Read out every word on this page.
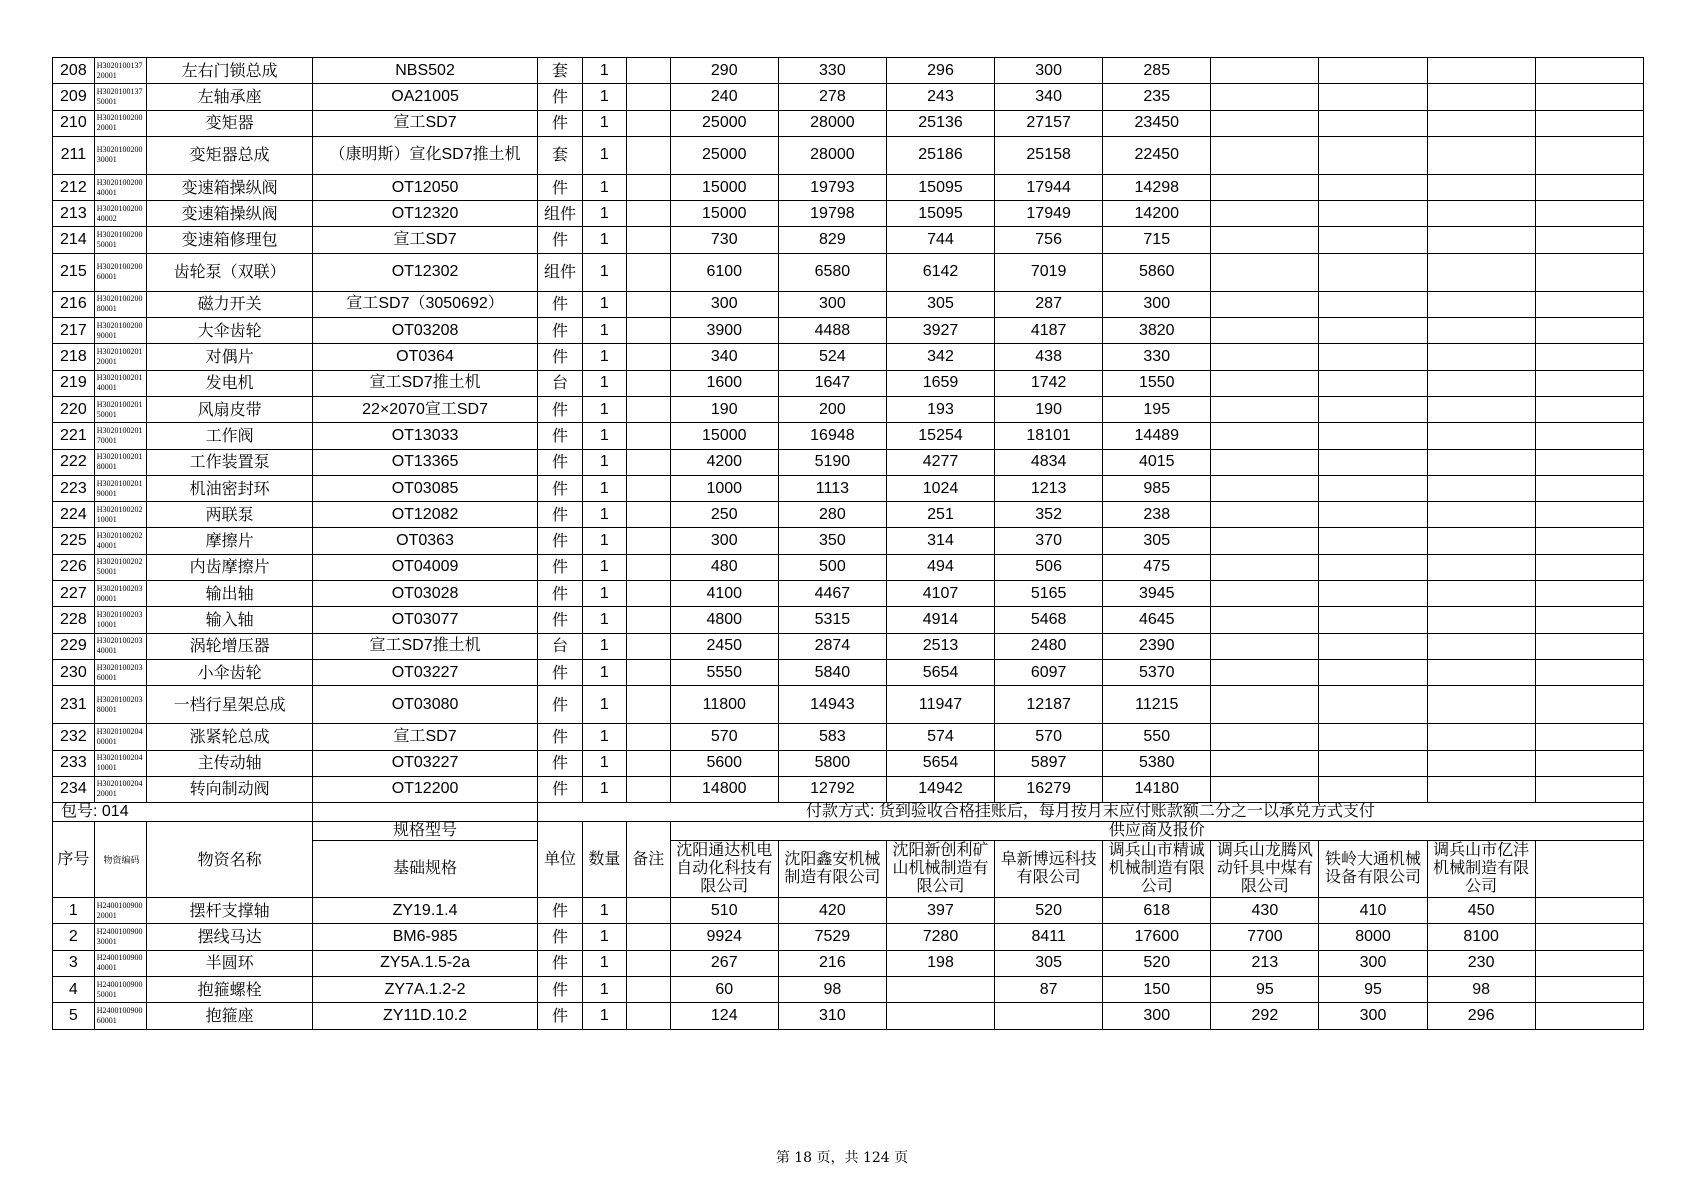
208	H302010013720001	左右门锁总成	NBS502	套	1		290	330	296	300	285				
209	H302010013750001	左轴承座	OA21005	件	1		240	278	243	340	235				
210	H302010020020001	变矩器	宣工SD7	件	1		25000	28000	25136	27157	23450				
211	H302010020030001	变矩器总成	（康明斯）宣化SD7推土机	套	1		25000	28000	25186	25158	22450				
212	H302010020040001	变速箱操纵阀	OT12050	件	1		15000	19793	15095	17944	14298				
213	H302010020040002	变速箱操纵阀	OT12320	组件	1		15000	19798	15095	17949	14200				
214	H302010020050001	变速箱修理包	宣工SD7	件	1		730	829	744	756	715				
215	H302010020060001	齿轮泵（双联）	OT12302	组件	1		6100	6580	6142	7019	5860				
216	H302010020080001	磁力开关	宣工SD7（3050692）	件	1		300	300	305	287	300				
217	H302010020090001	大伞齿轮	OT03208	件	1		3900	4488	3927	4187	3820				
218	H302010020120001	对偶片	OT0364	件	1		340	524	342	438	330				
219	H302010020140001	发电机	宣工SD7推土机	台	1		1600	1647	1659	1742	1550				
220	H302010020150001	风扇皮带	22×2070宣工SD7	件	1		190	200	193	190	195				
221	H302010020170001	工作阀	OT13033	件	1		15000	16948	15254	18101	14489				
222	H302010020180001	工作装置泵	OT13365	件	1		4200	5190	4277	4834	4015				
223	H302010020190001	机油密封环	OT03085	件	1		1000	1113	1024	1213	985				
224	H302010020210001	两联泵	OT12082	件	1		250	280	251	352	238				
225	H302010020240001	摩擦片	OT0363	件	1		300	350	314	370	305				
226	H302010020250001	内齿摩擦片	OT04009	件	1		480	500	494	506	475				
227	H302010020300001	输出轴	OT03028	件	1		4100	4467	4107	5165	3945				
228	H302010020310001	输入轴	OT03077	件	1		4800	5315	4914	5468	4645				
229	H302010020340001	涡轮增压器	宣工SD7推土机	台	1		2450	2874	2513	2480	2390				
230	H302010020360001	小伞齿轮	OT03227	件	1		5550	5840	5654	6097	5370				
231	H302010020380001	一档行星架总成	OT03080	件	1		11800	14943	11947	12187	11215				
232	H302010020400001	涨紧轮总成	宣工SD7	件	1		570	583	574	570	550				
233	H302010020410001	主传动轴	OT03227	件	1		5600	5800	5654	5897	5380				
234	H302010020420001	转向制动阀	OT12200	件	1		14800	12792	14942	16279	14180				
包号: 014				付款方式: 货到验收合格挂账后，每月按月末应付账款额二分之一以承兑方式支付											
序号	物资编码	物资名称	规格型号	单位	数量	备注	供应商及报价								
			基础规格				沈阳通达机电自动化科技有限公司	沈阳鑫安机械制造有限公司	沈阳新创利矿山机械制造有限公司	阜新博远科技有限公司	调兵山市精诚机械制造有限公司	调兵山龙腾风动钎具中煤有限公司	铁岭大通机械设备有限公司	调兵山市亿沣机械制造有限公司	

1	H240010090020001	摆杆支撑轴	ZY19.1.4	件	1		510	420	397	520	618	430	410	450	
2	H240010090030001	摆线马达	BM6-985	件	1		9924	7529	7280	8411	17600	7700	8000	8100	
3	H240010090040001	半圆环	ZY5A.1.5-2a	件	1		267	216	198	305	520	213	300	230	
4	H240010090050001	抱箍螺栓	ZY7A.1.2-2	件	1		60	98		87	150	95	95	98	
5	H240010090060001	抱箍座	ZY11D.10.2	件	1		124	310			300	292	300	296	
第 18 页，共 124 页
